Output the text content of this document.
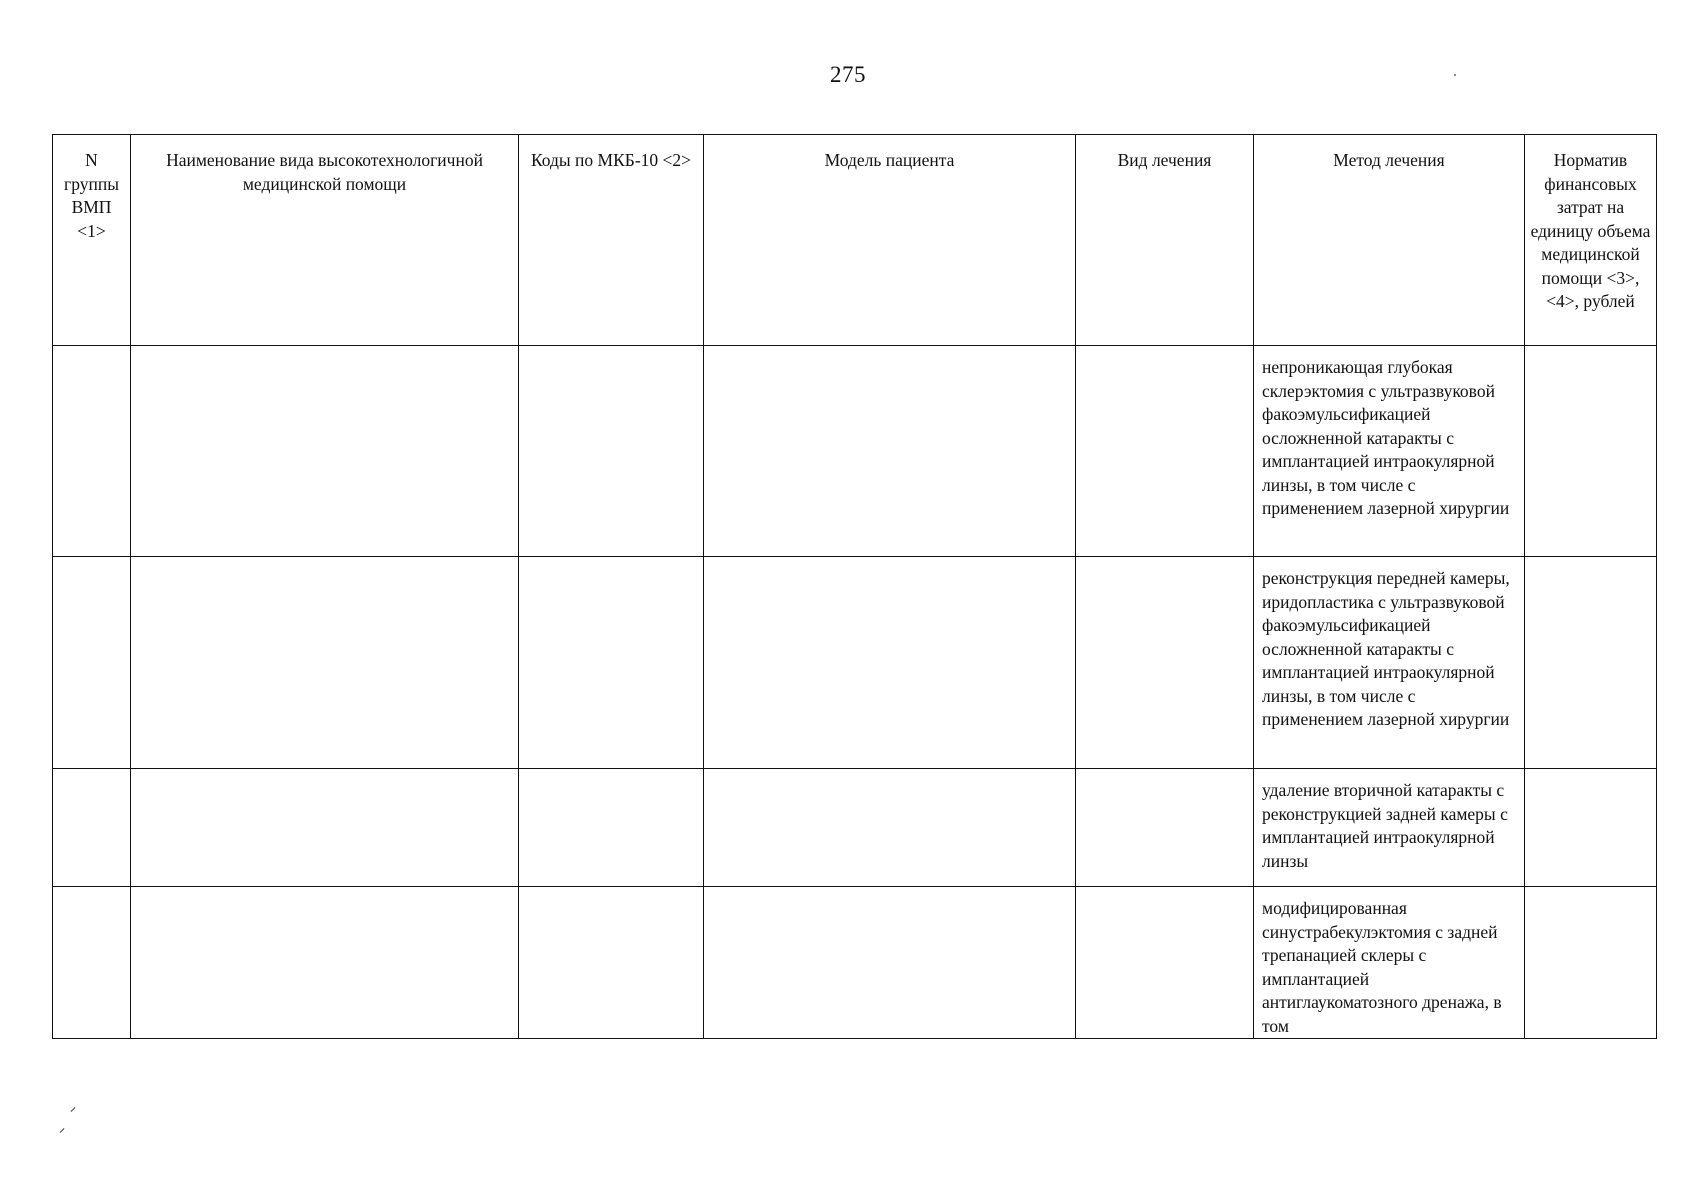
275
N группы ВМП <1>	Наименование вида высокотехнологичной медицинской помощи	Коды по МКБ-10 <2>	Модель пациента	Вид лечения	Метод лечения	Норматив финансовых затрат на единицу объема медицинской помощи <3>, <4>, рублей
					непроникающая глубокая склерэктомия с ультразвуковой факоэмульсификацией осложненной катаракты с имплантацией интраокулярной линзы, в том числе с применением лазерной хирургии	
					реконструкция передней камеры, иридопластика с ультразвуковой факоэмульсификацией осложненной катаракты с имплантацией интраокулярной линзы, в том числе с применением лазерной хирургии	
					удаление вторичной катаракты с реконструкцией задней камеры с имплантацией интраокулярной линзы	
					модифицированная синустрабекулэктомия с задней трепанацией склеры с имплантацией антиглаукоматозного дренажа, в том	
